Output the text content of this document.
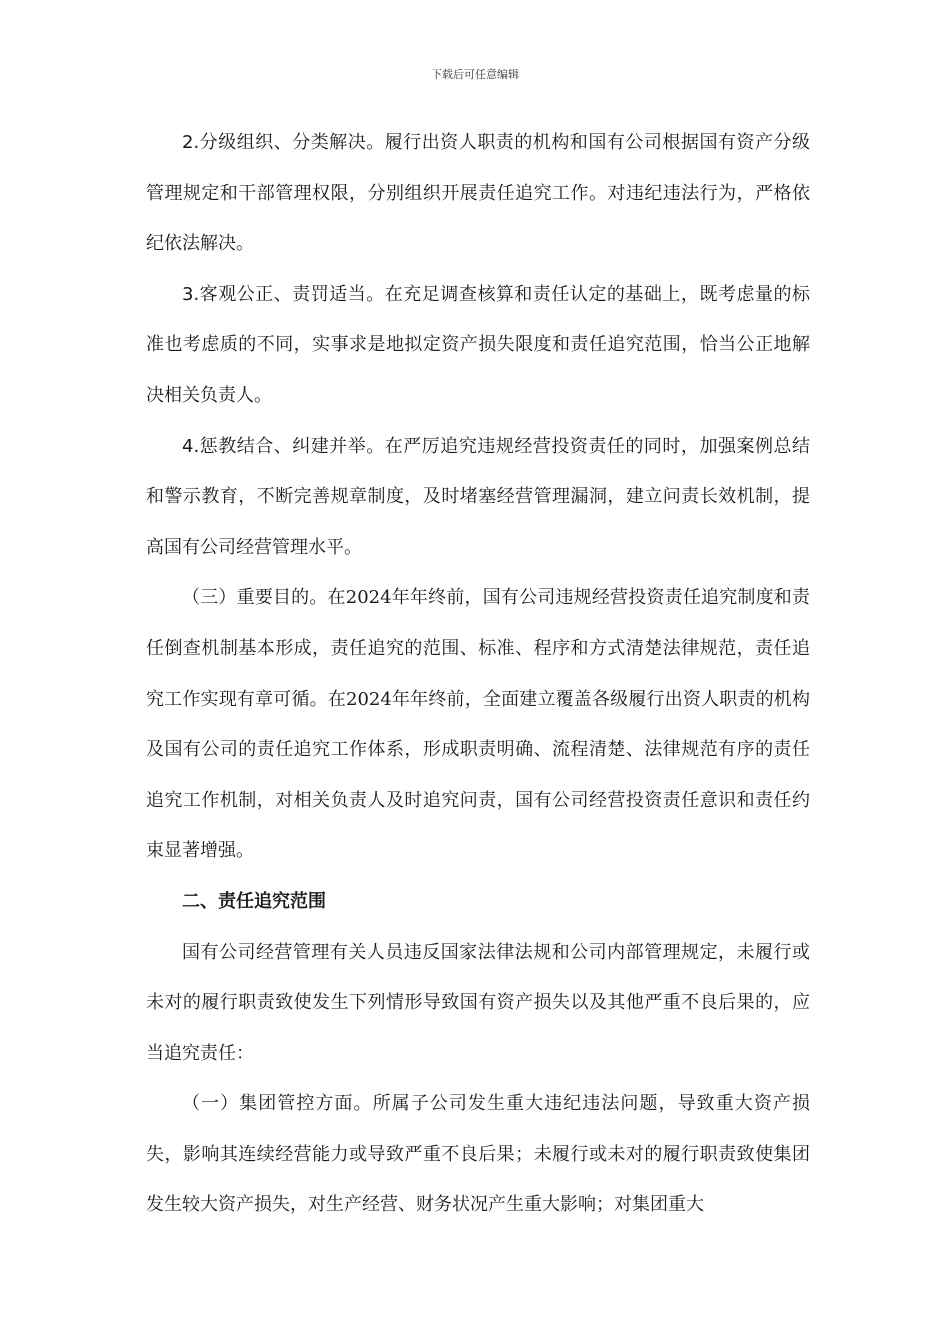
下载后可任意编辑

2.分级组织、分类解决。履行出资人职责的机构和国有公司根据国有资产分级管理规定和干部管理权限，分别组织开展责任追究工作。对违纪违法行为，严格依纪依法解决。

3.客观公正、责罚适当。在充足调查核算和责任认定的基础上，既考虑量的标准也考虑质的不同，实事求是地拟定资产损失限度和责任追究范围，恰当公正地解决相关负责人。

4.惩教结合、纠建并举。在严厉追究违规经营投资责任的同时，加强案例总结和警示教育，不断完善规章制度，及时堵塞经营管理漏洞，建立问责长效机制，提高国有公司经营管理水平。

（三）重要目的。在2024年年终前，国有公司违规经营投资责任追究制度和责任倒查机制基本形成，责任追究的范围、标准、程序和方式清楚法律规范，责任追究工作实现有章可循。在2024年年终前，全面建立覆盖各级履行出资人职责的机构及国有公司的责任追究工作体系，形成职责明确、流程清楚、法律规范有序的责任追究工作机制，对相关负责人及时追究问责，国有公司经营投资责任意识和责任约束显著增强。

二、责任追究范围

国有公司经营管理有关人员违反国家法律法规和公司内部管理规定，未履行或未对的履行职责致使发生下列情形导致国有资产损失以及其他严重不良后果的，应当追究责任：

（一）集团管控方面。所属子公司发生重大违纪违法问题，导致重大资产损失，影响其连续经营能力或导致严重不良后果；未履行或未对的履行职责致使集团发生较大资产损失，对生产经营、财务状况产生重大影响；对集团重大
